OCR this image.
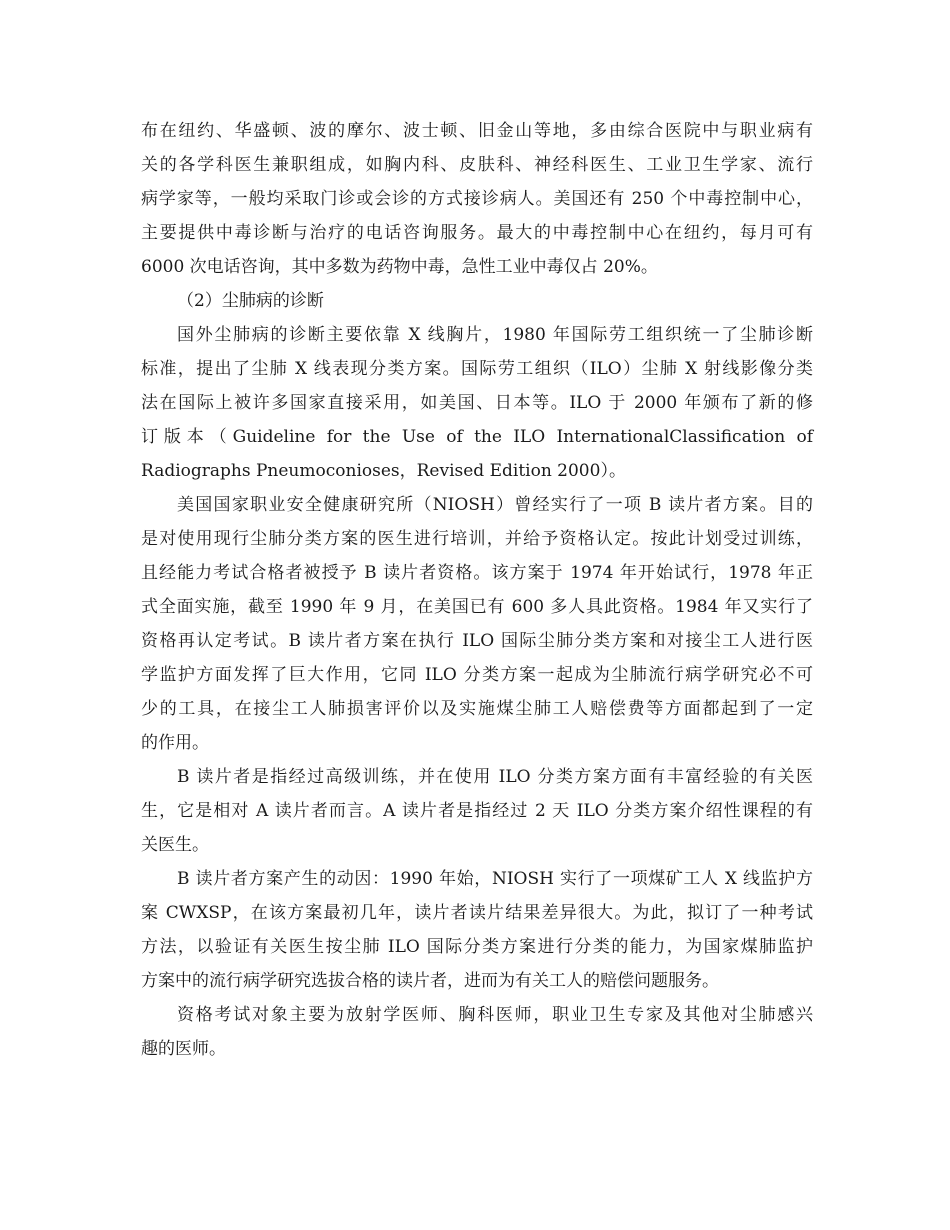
布在纽约、华盛顿、波的摩尔、波士顿、旧金山等地，多由综合医院中与职业病有
关的各学科医生兼职组成，如胸内科、皮肤科、神经科医生、工业卫生学家、流行
病学家等，一般均采取门诊或会诊的方式接诊病人。美国还有 250 个中毒控制中心，
主要提供中毒诊断与治疗的电话咨询服务。最大的中毒控制中心在纽约，每月可有
6000 次电话咨询，其中多数为药物中毒，急性工业中毒仅占 20%。
（2）尘肺病的诊断
国外尘肺病的诊断主要依靠 X 线胸片，1980 年国际劳工组织统一了尘肺诊断
标准，提出了尘肺 X 线表现分类方案。国际劳工组织（ILO）尘肺 X 射线影像分类
法在国际上被许多国家直接采用，如美国、日本等。ILO 于 2000 年颁布了新的修
订版本（Guideline for the Use of the ILO InternationalClassification of
Radiographs Pneumoconioses，Revised Edition 2000）。
美国国家职业安全健康研究所（NIOSH）曾经实行了一项 B 读片者方案。目的
是对使用现行尘肺分类方案的医生进行培训，并给予资格认定。按此计划受过训练，
且经能力考试合格者被授予 B 读片者资格。该方案于 1974 年开始试行，1978 年正
式全面实施，截至 1990 年 9 月，在美国已有 600 多人具此资格。1984 年又实行了
资格再认定考试。B 读片者方案在执行 ILO 国际尘肺分类方案和对接尘工人进行医
学监护方面发挥了巨大作用，它同 ILO 分类方案一起成为尘肺流行病学研究必不可
少的工具，在接尘工人肺损害评价以及实施煤尘肺工人赔偿费等方面都起到了一定
的作用。
B 读片者是指经过高级训练，并在使用 ILO 分类方案方面有丰富经验的有关医
生，它是相对 A 读片者而言。A 读片者是指经过 2 天 ILO 分类方案介绍性课程的有
关医生。
B 读片者方案产生的动因：1990 年始，NIOSH 实行了一项煤矿工人 X 线监护方
案 CWXSP，在该方案最初几年，读片者读片结果差异很大。为此，拟订了一种考试
方法，以验证有关医生按尘肺 ILO 国际分类方案进行分类的能力，为国家煤肺监护
方案中的流行病学研究选拔合格的读片者，进而为有关工人的赔偿问题服务。
资格考试对象主要为放射学医师、胸科医师，职业卫生专家及其他对尘肺感兴
趣的医师。
